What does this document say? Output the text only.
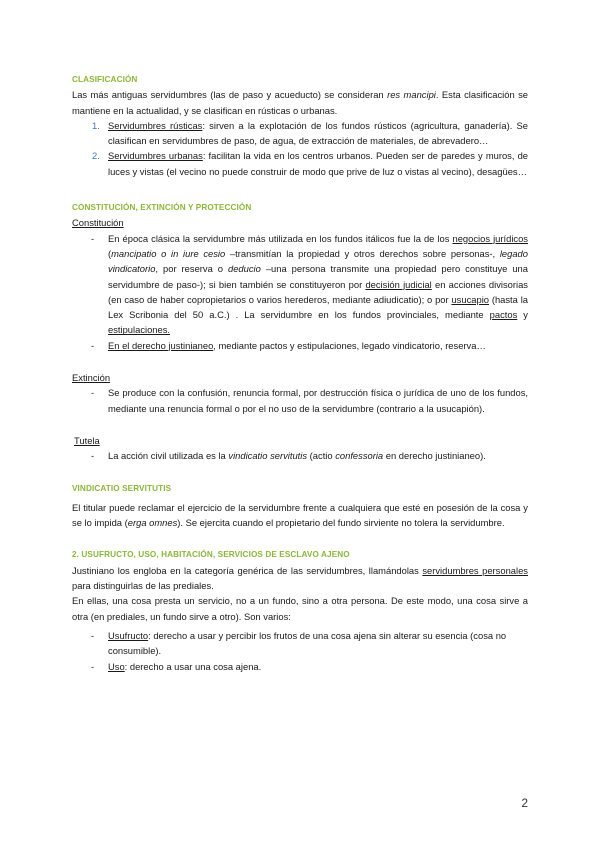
CLASIFICACIÓN

Las más antiguas servidumbres (las de paso y acueducto) se consideran res mancipi. Esta clasificación se mantiene en la actualidad, y se clasifican en rústicas o urbanas.

1. Servidumbres rústicas: sirven a la explotación de los fundos rústicos (agricultura, ganadería). Se clasifican en servidumbres de paso, de agua, de extracción de materiales, de abrevadero…
2. Servidumbres urbanas: facilitan la vida en los centros urbanos. Pueden ser de paredes y muros, de luces y vistas (el vecino no puede construir de modo que prive de luz o vistas al vecino), desagües…

CONSTITUCIÓN, EXTINCIÓN Y PROTECCIÓN

Constitución

- En época clásica la servidumbre más utilizada en los fundos itálicos fue la de los negocios jurídicos (mancipatio o in iure cesio –transmitían la propiedad y otros derechos sobre personas-, legado vindicatorio, por reserva o deducio –una persona transmite una propiedad pero constituye una servidumbre de paso-); si bien también se constituyeron por decisión judicial en acciones divisorias (en caso de haber copropietarios o varios herederos, mediante adiudicatio); o por usucapio (hasta la Lex Scribonia del 50 a.C.) . La servidumbre en los fundos provinciales, mediante pactos y estipulaciones.
- En el derecho justinianeo, mediante pactos y estipulaciones, legado vindicatorio, reserva…

Extinción

- Se produce con la confusión, renuncia formal, por destrucción física o jurídica de uno de los fundos, mediante una renuncia formal o por el no uso de la servidumbre (contrario a la usucapión).

Tutela

- La acción civil utilizada es la vindicatio servitutis (actio confessoria en derecho justinianeo).

VINDICATIO SERVITUTIS

El titular puede reclamar el ejercicio de la servidumbre frente a cualquiera que esté en posesión de la cosa y se lo impida (erga omnes). Se ejercita cuando el propietario del fundo sirviente no tolera la servidumbre.

2. USUFRUCTO, USO, HABITACIÓN, SERVICIOS DE ESCLAVO AJENO

Justiniano los engloba en la categoría genérica de las servidumbres, llamándolas servidumbres personales para distinguirlas de las prediales.

En ellas, una cosa presta un servicio, no a un fundo, sino a otra persona. De este modo, una cosa sirve a otra (en prediales, un fundo sirve a otro). Son varios:

- Usufructo: derecho a usar y percibir los frutos de una cosa ajena sin alterar su esencia (cosa no consumible).
- Uso: derecho a usar una cosa ajena.
2
